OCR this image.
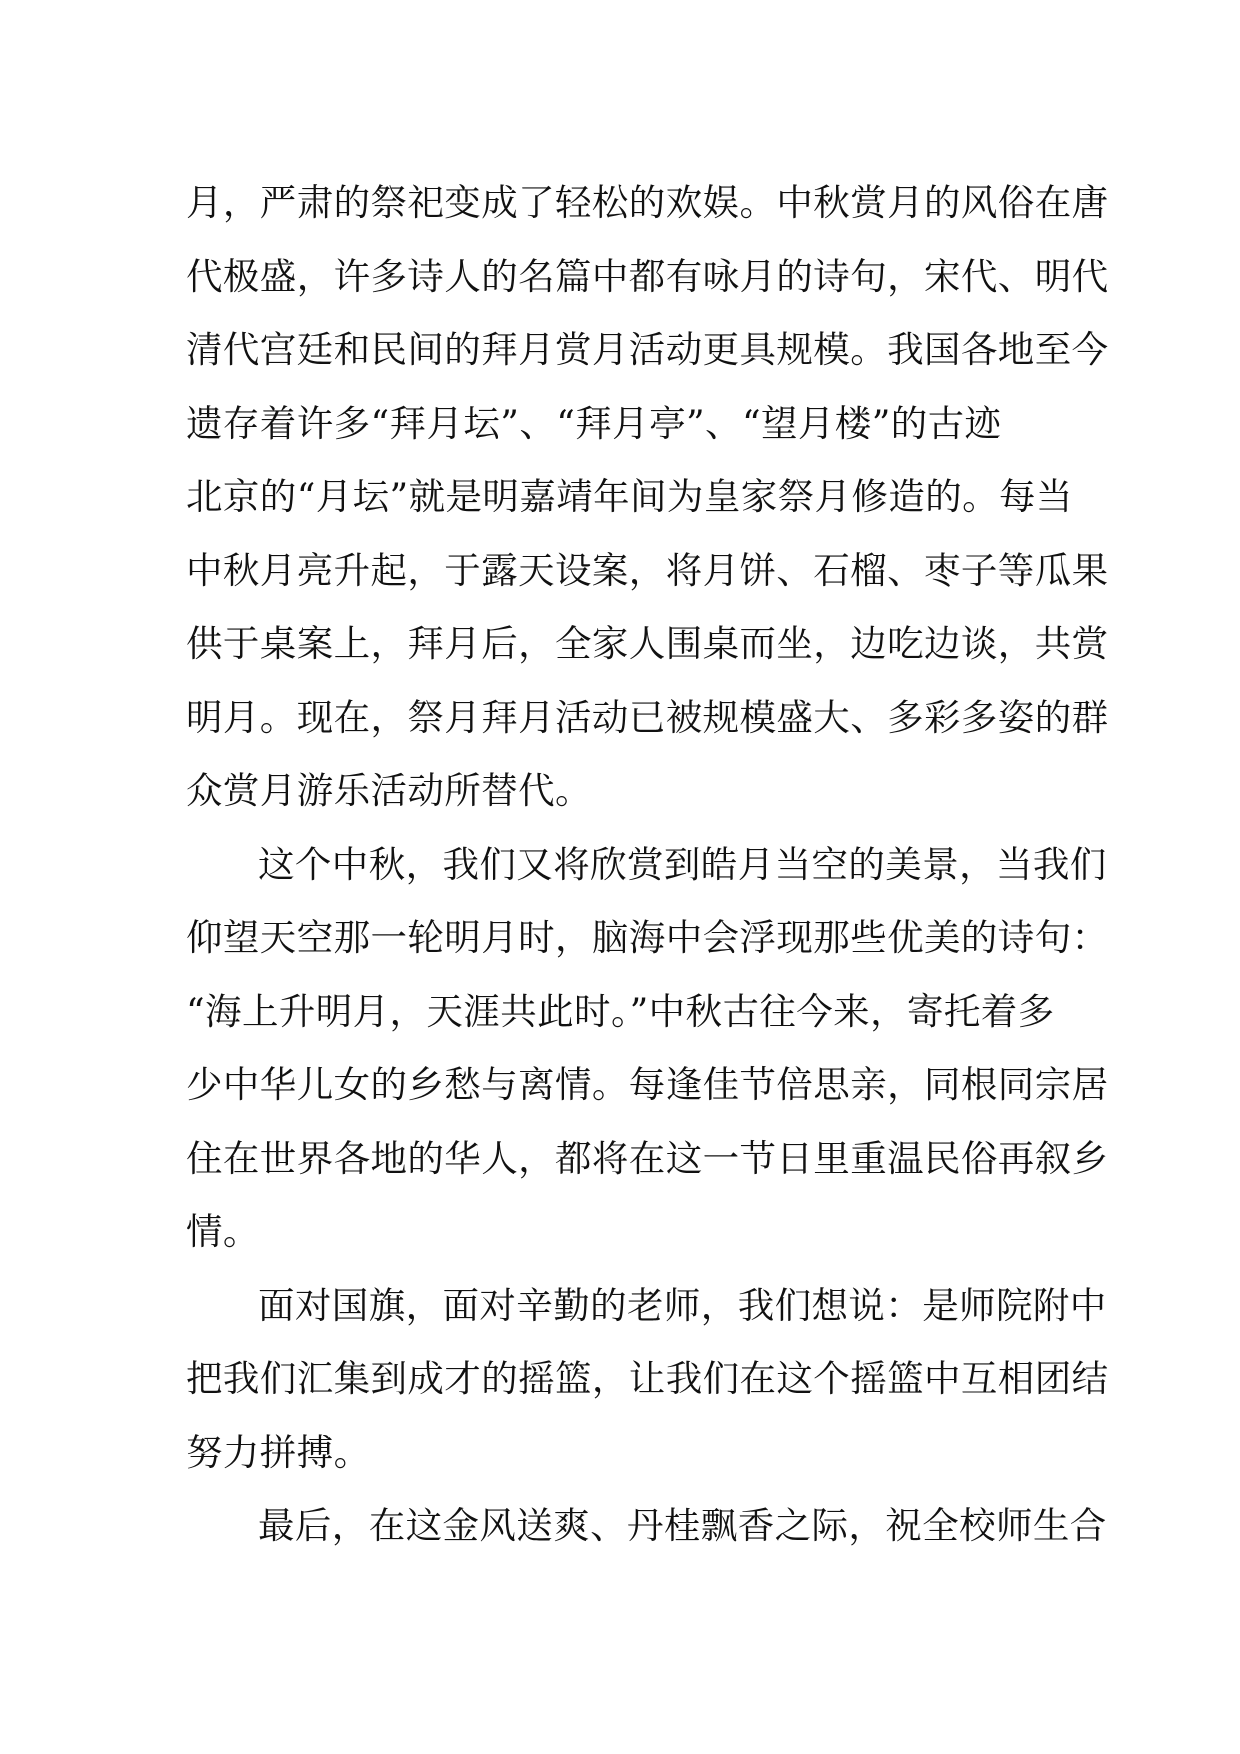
月，严肃的祭祀变成了轻松的欢娱。中秋赏月的风俗在唐
代极盛，许多诗人的名篇中都有咏月的诗句，宋代、明代
清代宫廷和民间的拜月赏月活动更具规模。我国各地至今
遗存着许多“拜月坛”、“拜月亭”、“望月楼”的古迹
北京的“月坛”就是明嘉靖年间为皇家祭月修造的。每当
中秋月亮升起，于露天设案，将月饼、石榴、枣子等瓜果
供于桌案上，拜月后，全家人围桌而坐，边吃边谈，共赏
明月。现在，祭月拜月活动已被规模盛大、多彩多姿的群
众赏月游乐活动所替代。
这个中秋，我们又将欣赏到皓月当空的美景，当我们
仰望天空那一轮明月时，脑海中会浮现那些优美的诗句：
“海上升明月，天涯共此时。”中秋古往今来，寄托着多
少中华儿女的乡愁与离情。每逢佳节倍思亲，同根同宗居
住在世界各地的华人，都将在这一节日里重温民俗再叙乡
情。
面对国旗，面对辛勤的老师，我们想说：是师院附中
把我们汇集到成才的摇篮，让我们在这个摇篮中互相团结
努力拼搏。
最后，在这金风送爽、丹桂飘香之际，祝全校师生合
